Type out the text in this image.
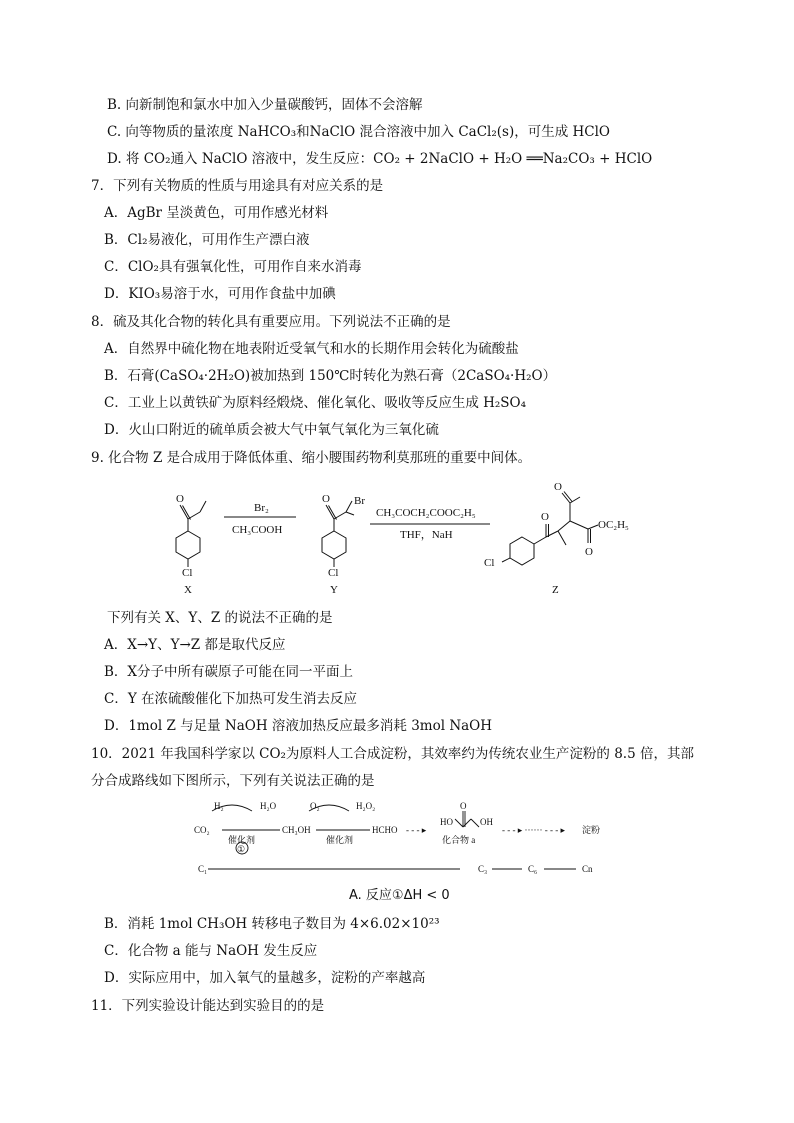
B. 向新制饱和氯水中加入少量碳酸钙，固体不会溶解
C. 向等物质的量浓度 NaHCO₃和NaClO 混合溶液中加入 CaCl₂(s)，可生成 HClO
D. 将 CO₂通入 NaClO 溶液中，发生反应：CO₂ + 2NaClO + H₂O ══Na₂CO₃ + HClO
7．下列有关物质的性质与用途具有对应关系的是
A．AgBr 呈淡黄色，可用作感光材料
B．Cl₂易液化，可用作生产漂白液
C．ClO₂具有强氧化性，可用作自来水消毒
D．KIO₃易溶于水，可用作食盐中加碘
8．硫及其化合物的转化具有重要应用。下列说法不正确的是
A．自然界中硫化物在地表附近受氧气和水的长期作用会转化为硫酸盐
B．石膏(CaSO₄·2H₂O)被加热到 150℃时转化为熟石膏（2CaSO₄·H₂O）
C．工业上以黄铁矿为原料经煅烧、催化氧化、吸收等反应生成 H₂SO₄
D．火山口附近的硫单质会被大气中氧气氧化为三氧化硫
9. 化合物 Z 是合成用于降低体重、缩小腰围药物利莫那班的重要中间体。
O
Cl
X
Br₂
CH₃COOH
O Br
Cl
Y
CH₃COCH₂COOC₂H₅
THF，NaH
Cl
O
O
O
OC₂H₅
Z
下列有关 X、Y、Z 的说法不正确的是
A．X→Y、Y→Z 都是取代反应
B．X分子中所有碳原子可能在同一平面上
C．Y 在浓硫酸催化下加热可发生消去反应
D．1mol Z 与足量 NaOH 溶液加热反应最多消耗 3mol NaOH
10．2021 年我国科学家以 CO₂为原料人工合成淀粉，其效率约为传统农业生产淀粉的 8.5 倍，其部
分合成路线如下图所示，下列有关说法正确的是
H₂	H₂O	O₂	H₂O₂
CO₂
催化剂
①
CH₃OH
催化剂
HCHO - - - ▸
HO
O
OH
化合物 a
- - - ▸ ······ - - - ▸ 淀粉
C₁	C₃	C₆	Cn
A. 反应①ΔH < 0
B．消耗 1mol CH₃OH 转移电子数目为 4×6.02×10²³
C．化合物 a 能与 NaOH 发生反应
D．实际应用中，加入氧气的量越多，淀粉的产率越高
11．下列实验设计能达到实验目的的是
